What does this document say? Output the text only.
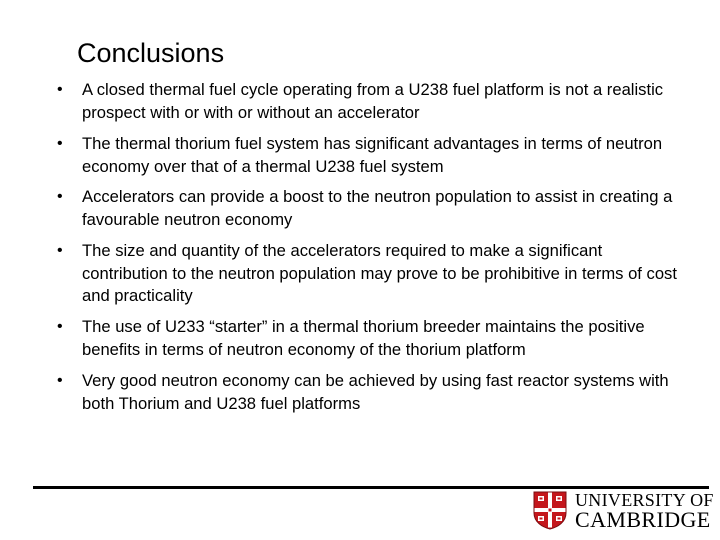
Conclusions
• A closed thermal fuel cycle operating from a U238 fuel platform is not a realistic prospect with or with or without an accelerator
• The thermal thorium fuel system has significant advantages in terms of neutron economy over that of a thermal U238 fuel system
• Accelerators can provide a boost to the neutron population to assist in creating a favourable neutron economy
• The size and quantity of the accelerators required to make a significant contribution to the neutron population may prove to be prohibitive in terms of cost and practicality
• The use of U233 “starter” in a thermal thorium breeder maintains the positive benefits in terms of neutron economy of the thorium platform
• Very good neutron economy can be achieved by using fast reactor systems with both Thorium and U238 fuel platforms
UNIVERSITY OF
CAMBRIDGE
